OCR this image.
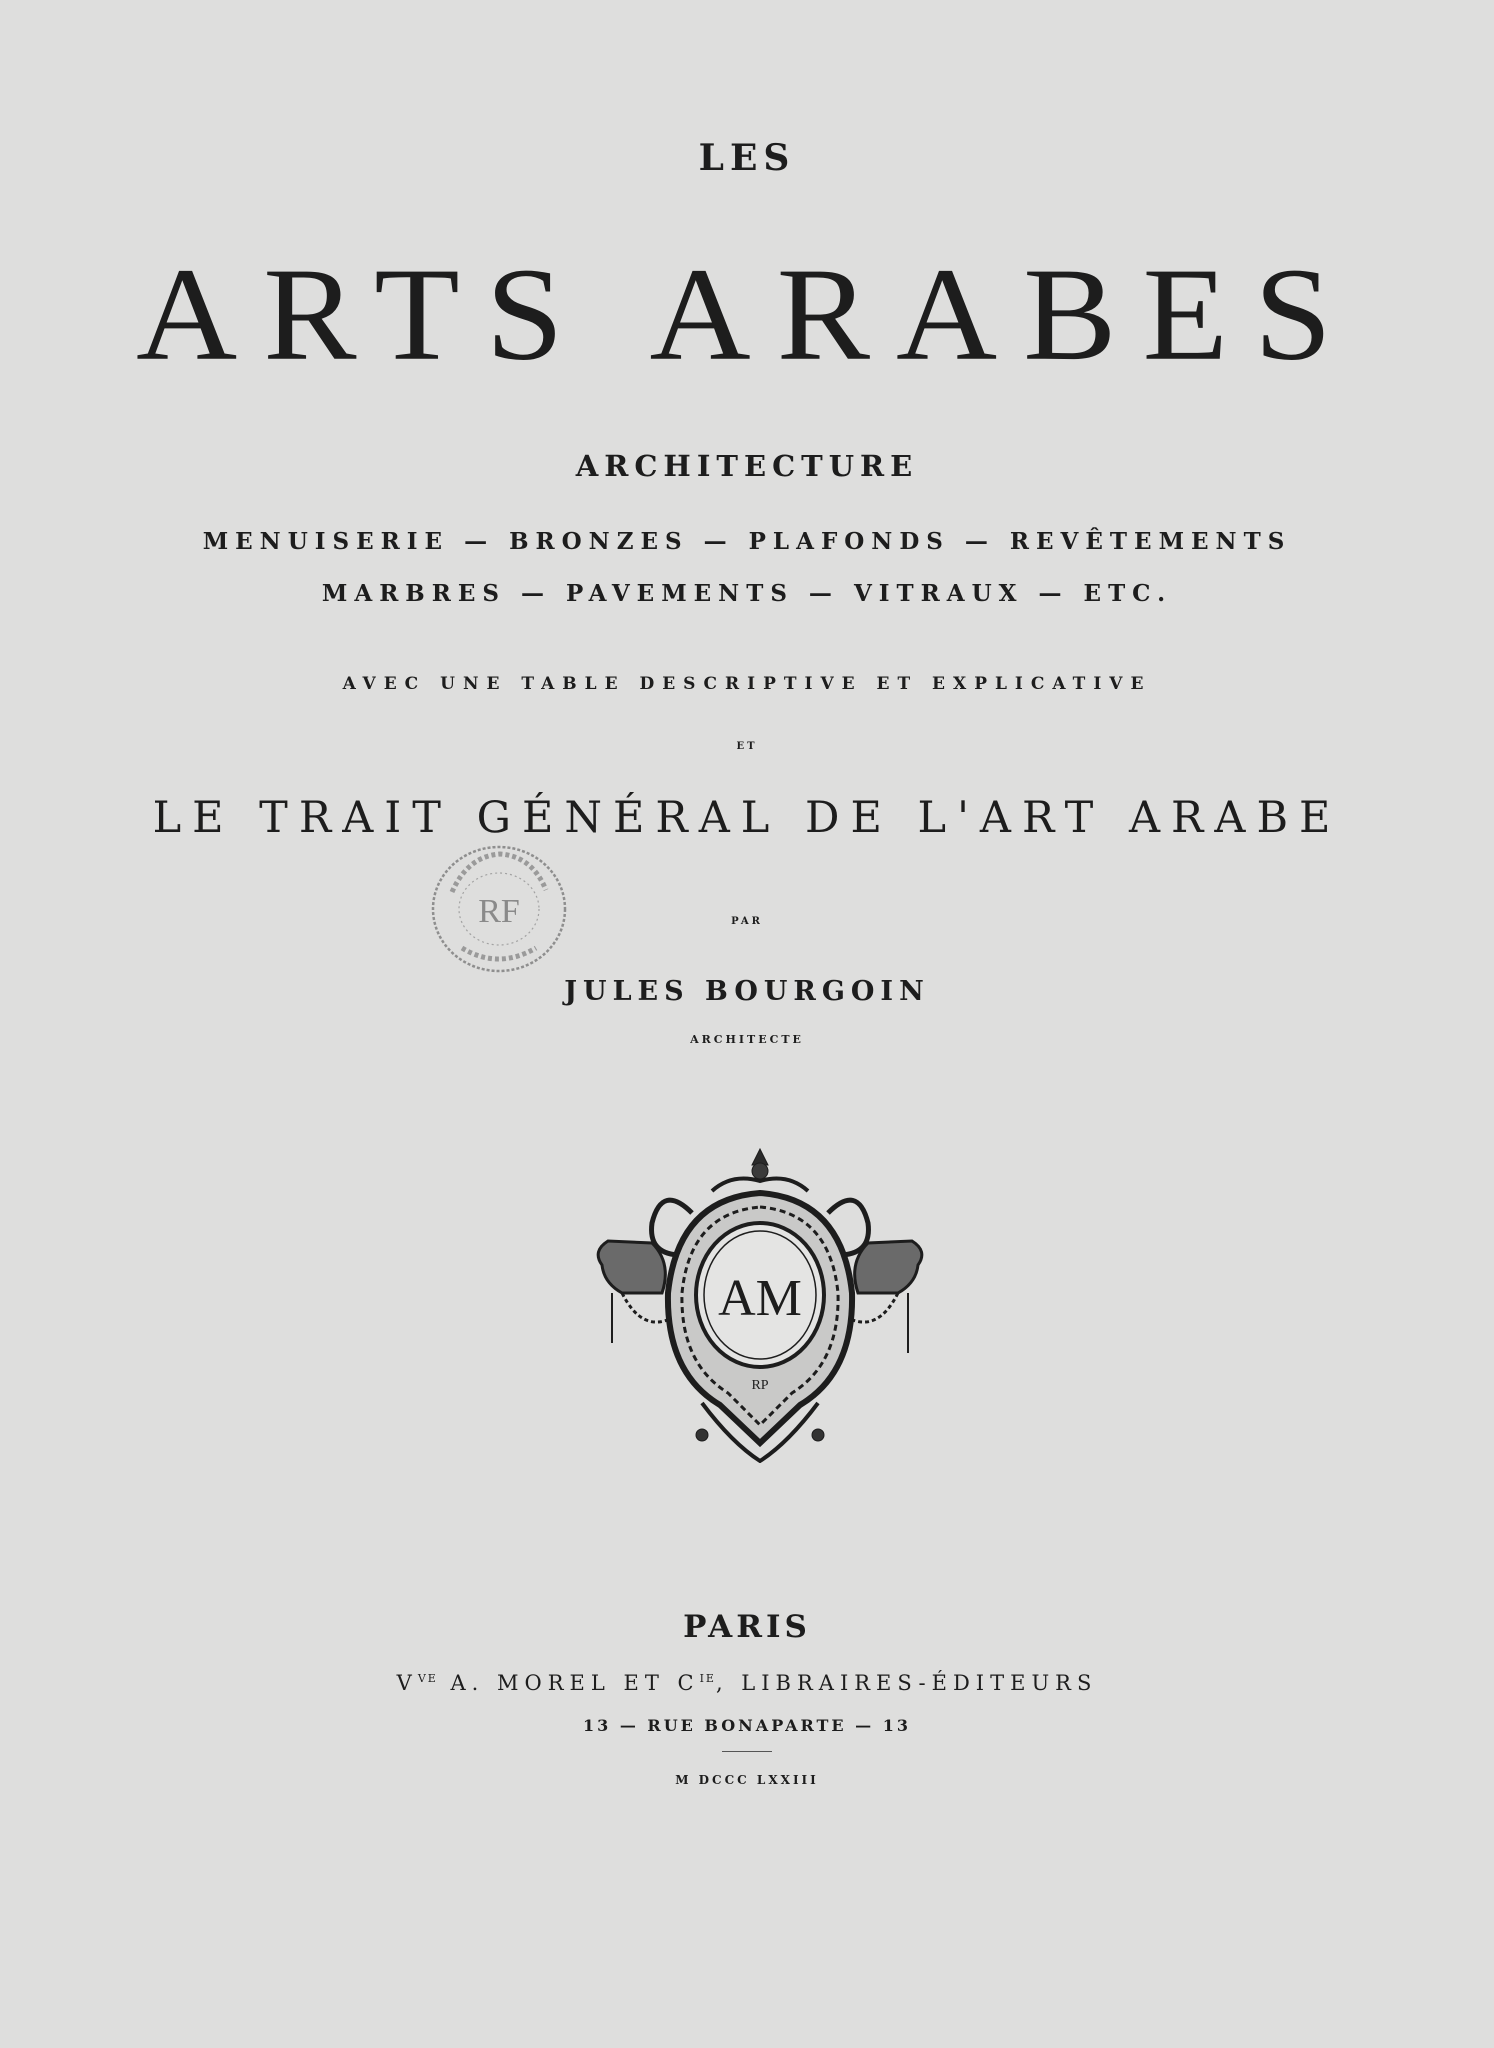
LES
ARTS ARABES
ARCHITECTURE
MENUISERIE — BRONZES — PLAFONDS — REVÊTEMENTS
MARBRES — PAVEMENTS — VITRAUX — ETC.
AVEC UNE TABLE DESCRIPTIVE ET EXPLICATIVE
ET
LE TRAIT GÉNÉRAL DE L'ART ARABE
PAR
JULES BOURGOIN
ARCHITECTE
RF
AM
RP
PARIS
$V^{VE}$ A. MOREL ET $C^{IE}$, LIBRAIRES-ÉDITEURS
13 — RUE BONAPARTE — 13
M DCCC LXXIII
